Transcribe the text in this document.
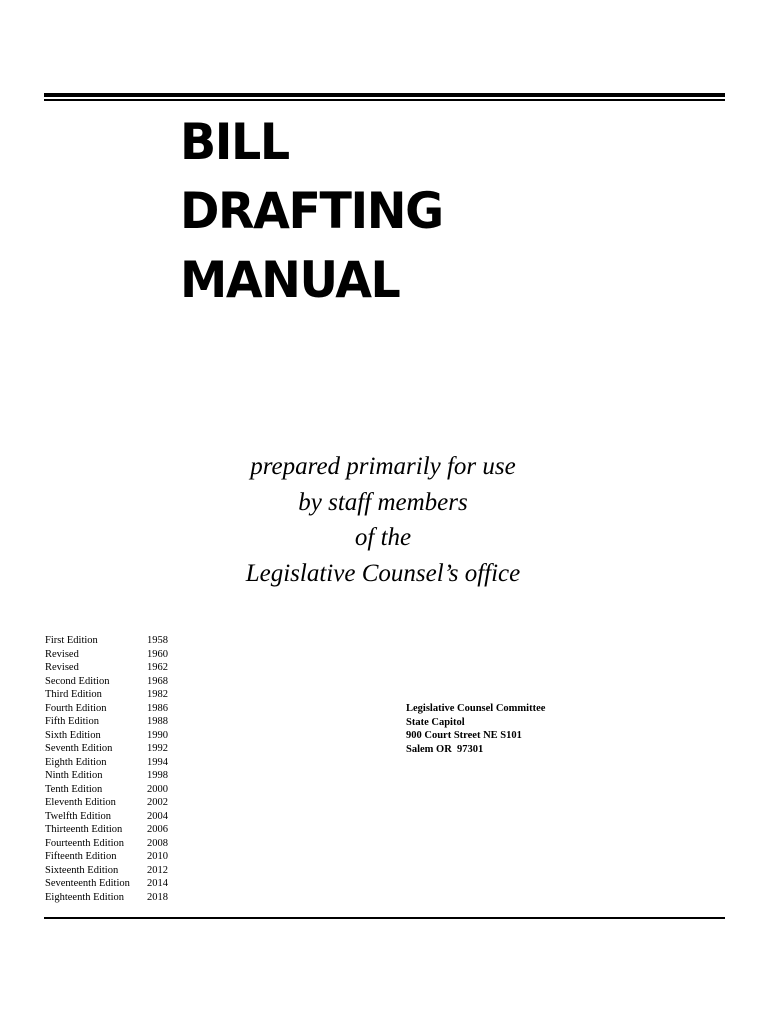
BILL
DRAFTING
MANUAL
prepared primarily for use
by staff members
of the
Legislative Counsel’s office
First Edition	1958
Revised	1960
Revised	1962
Second Edition	1968
Third Edition	1982
Fourth Edition	1986
Fifth Edition	1988
Sixth Edition	1990
Seventh Edition	1992
Eighth Edition	1994
Ninth Edition	1998
Tenth Edition	2000
Eleventh Edition	2002
Twelfth Edition	2004
Thirteenth Edition	2006
Fourteenth Edition	2008
Fifteenth Edition	2010
Sixteenth Edition	2012
Seventeenth Edition	2014
Eighteenth Edition	2018
Legislative Counsel Committee
State Capitol
900 Court Street NE S101
Salem OR  97301
